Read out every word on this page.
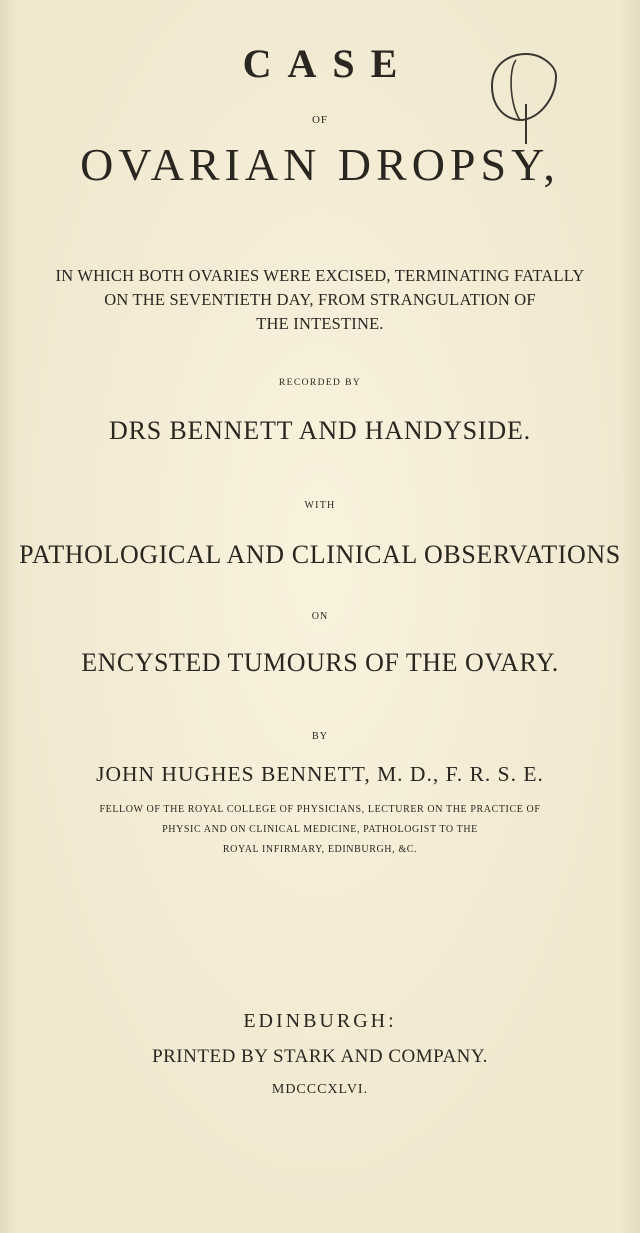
CASE
OF
OVARIAN DROPSY,
IN WHICH BOTH OVARIES WERE EXCISED, TERMINATING FATALLY
ON THE SEVENTIETH DAY, FROM STRANGULATION OF
THE INTESTINE.
RECORDED BY
DRS BENNETT AND HANDYSIDE.
WITH
PATHOLOGICAL AND CLINICAL OBSERVATIONS
ON
ENCYSTED TUMOURS OF THE OVARY.
BY
JOHN HUGHES BENNETT, M. D., F. R. S. E.
FELLOW OF THE ROYAL COLLEGE OF PHYSICIANS, LECTURER ON THE PRACTICE OF
PHYSIC AND ON CLINICAL MEDICINE, PATHOLOGIST TO THE
ROYAL INFIRMARY, EDINBURGH, &C.
EDINBURGH:
PRINTED BY STARK AND COMPANY.
MDCCCXLVI.
